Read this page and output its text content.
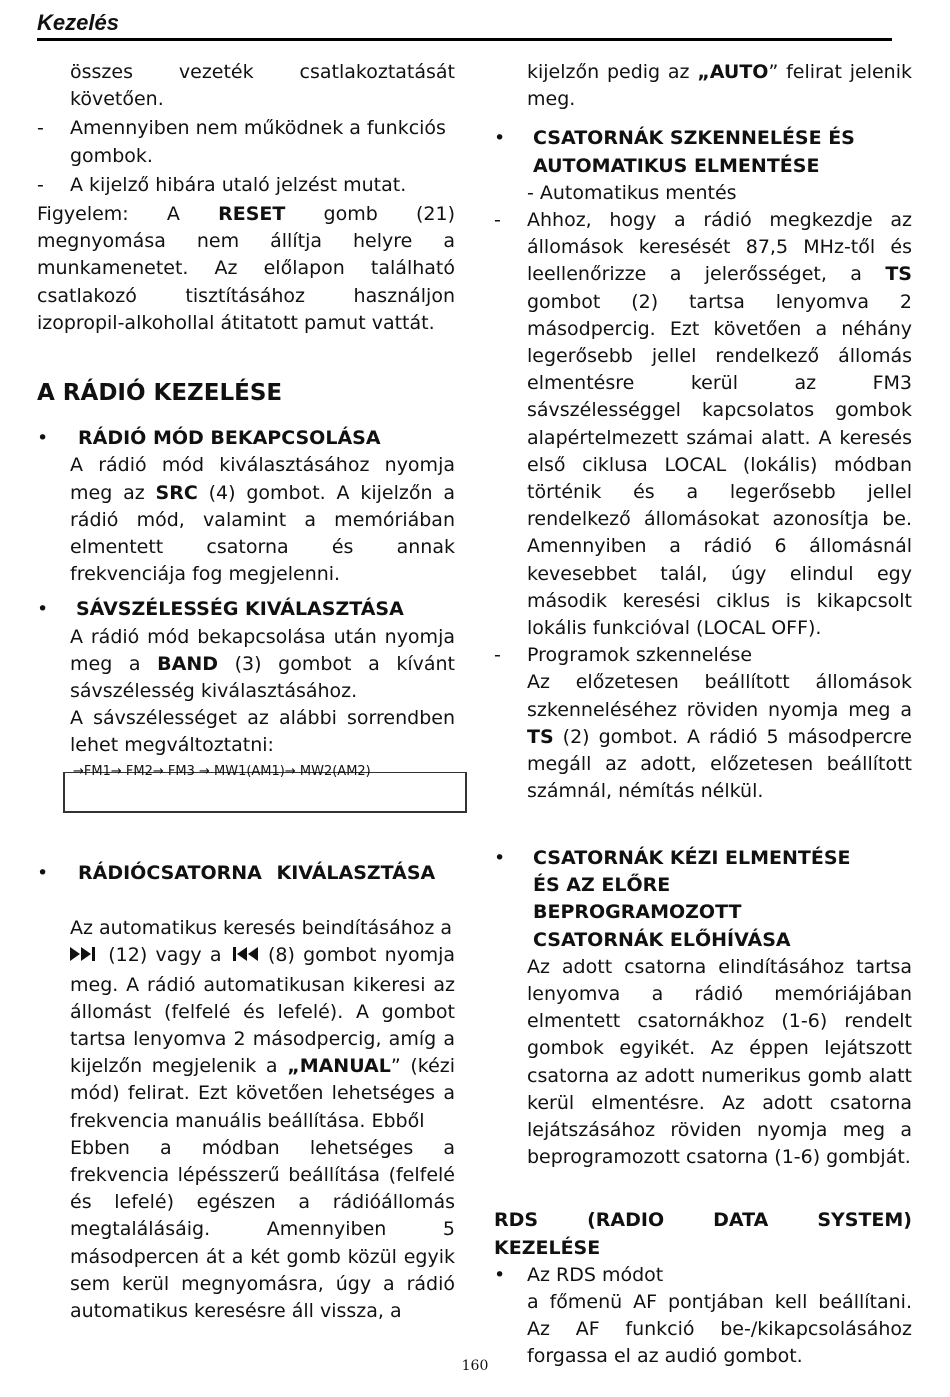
Kezelés

összes vezeték csatlakoztatását követően.

-	Amennyiben nem működnek a funkciós gombok.

-	A kijelző hibára utaló jelzést mutat.

Figyelem: A RESET gomb (21) megnyomása nem állítja helyre a munkamenetet. Az előlapon található csatlakozó tisztításához használjon izopropil-alkohollal átitatott pamut vattát.

A RÁDIÓ KEZELÉSE

•	RÁDIÓ MÓD BEKAPCSOLÁSA

A rádió mód kiválasztásához nyomja meg az SRC (4) gombot. A kijelzőn a rádió mód, valamint a memóriában elmentett csatorna és annak frekvenciája fog megjelenni.

•	SÁVSZÉLESSÉG KIVÁLASZTÁSA

A rádió mód bekapcsolása után nyomja meg a BAND (3) gombot a kívánt sávszélesség kiválasztásához.

A sávszélességet az alábbi sorrendben lehet megváltoztatni:

→FM1→ FM2→ FM3 → MW1(AM1)→ MW2(AM2)
•	RÁDIÓCSATORNA KIVÁLASZTÁSA

Az automatikus keresés beindításához a
(12) vagy a  (8) gombot nyomja meg. A rádió automatikusan kikeresi az állomást (felfelé és lefelé). A gombot tartsa lenyomva 2 másodpercig, amíg a kijelzőn megjelenik a „MANUAL” (kézi mód) felirat. Ezt követően lehetséges a frekvencia manuális beállítása. Ebből

Ebben a módban lehetséges a frekvencia lépésszerű beállítása (felfelé és lefelé) egészen a rádióállomás megtalálásáig. Amennyiben 5 másodpercen át a két gomb közül egyik sem kerül megnyomásra, úgy a rádió automatikus keresésre áll vissza, a

kijelzőn pedig az „AUTO” felirat jelenik meg.

•	CSATORNÁK SZKENNELÉSE ÉS AUTOMATIKUS ELMENTÉSE

- Automatikus mentés

-	Ahhoz, hogy a rádió megkezdje az állomások keresését 87,5 MHz-től és leellenőrizze a jelerősséget, a TS gombot (2) tartsa lenyomva 2 másodpercig. Ezt követően a néhány legerősebb jellel rendelkező állomás elmentésre kerül az FM3 sávszélességgel kapcsolatos gombok alapértelmezett számai alatt. A keresés első ciklusa LOCAL (lokális) módban történik és a legerősebb jellel rendelkező állomásokat azonosítja be. Amennyiben a rádió 6 állomásnál kevesebbet talál, úgy elindul egy második keresési ciklus is kikapcsolt lokális funkcióval (LOCAL OFF).

-	Programok szkennelése

Az előzetesen beállított állomások szkenneléséhez röviden nyomja meg a TS (2) gombot. A rádió 5 másodpercre megáll az adott, előzetesen beállított számnál, némítás nélkül.

•	CSATORNÁK KÉZI ELMENTÉSE ÉS AZ ELŐRE BEPROGRAMOZOTT CSATORNÁK ELŐHÍVÁSA

Az adott csatorna elindításához tartsa lenyomva a rádió memóriájában elmentett csatornákhoz (1-6) rendelt gombok egyikét. Az éppen lejátszott csatorna az adott numerikus gomb alatt kerül elmentésre. Az adott csatorna lejátszásához röviden nyomja meg a beprogramozott csatorna (1-6) gombját.

RDS (RADIO DATA SYSTEM) KEZELÉSE

• Az RDS módot

a főmenü AF pontjában kell beállítani. Az AF funkció be-/kikapcsolásához forgassa el az audió gombot.

160
